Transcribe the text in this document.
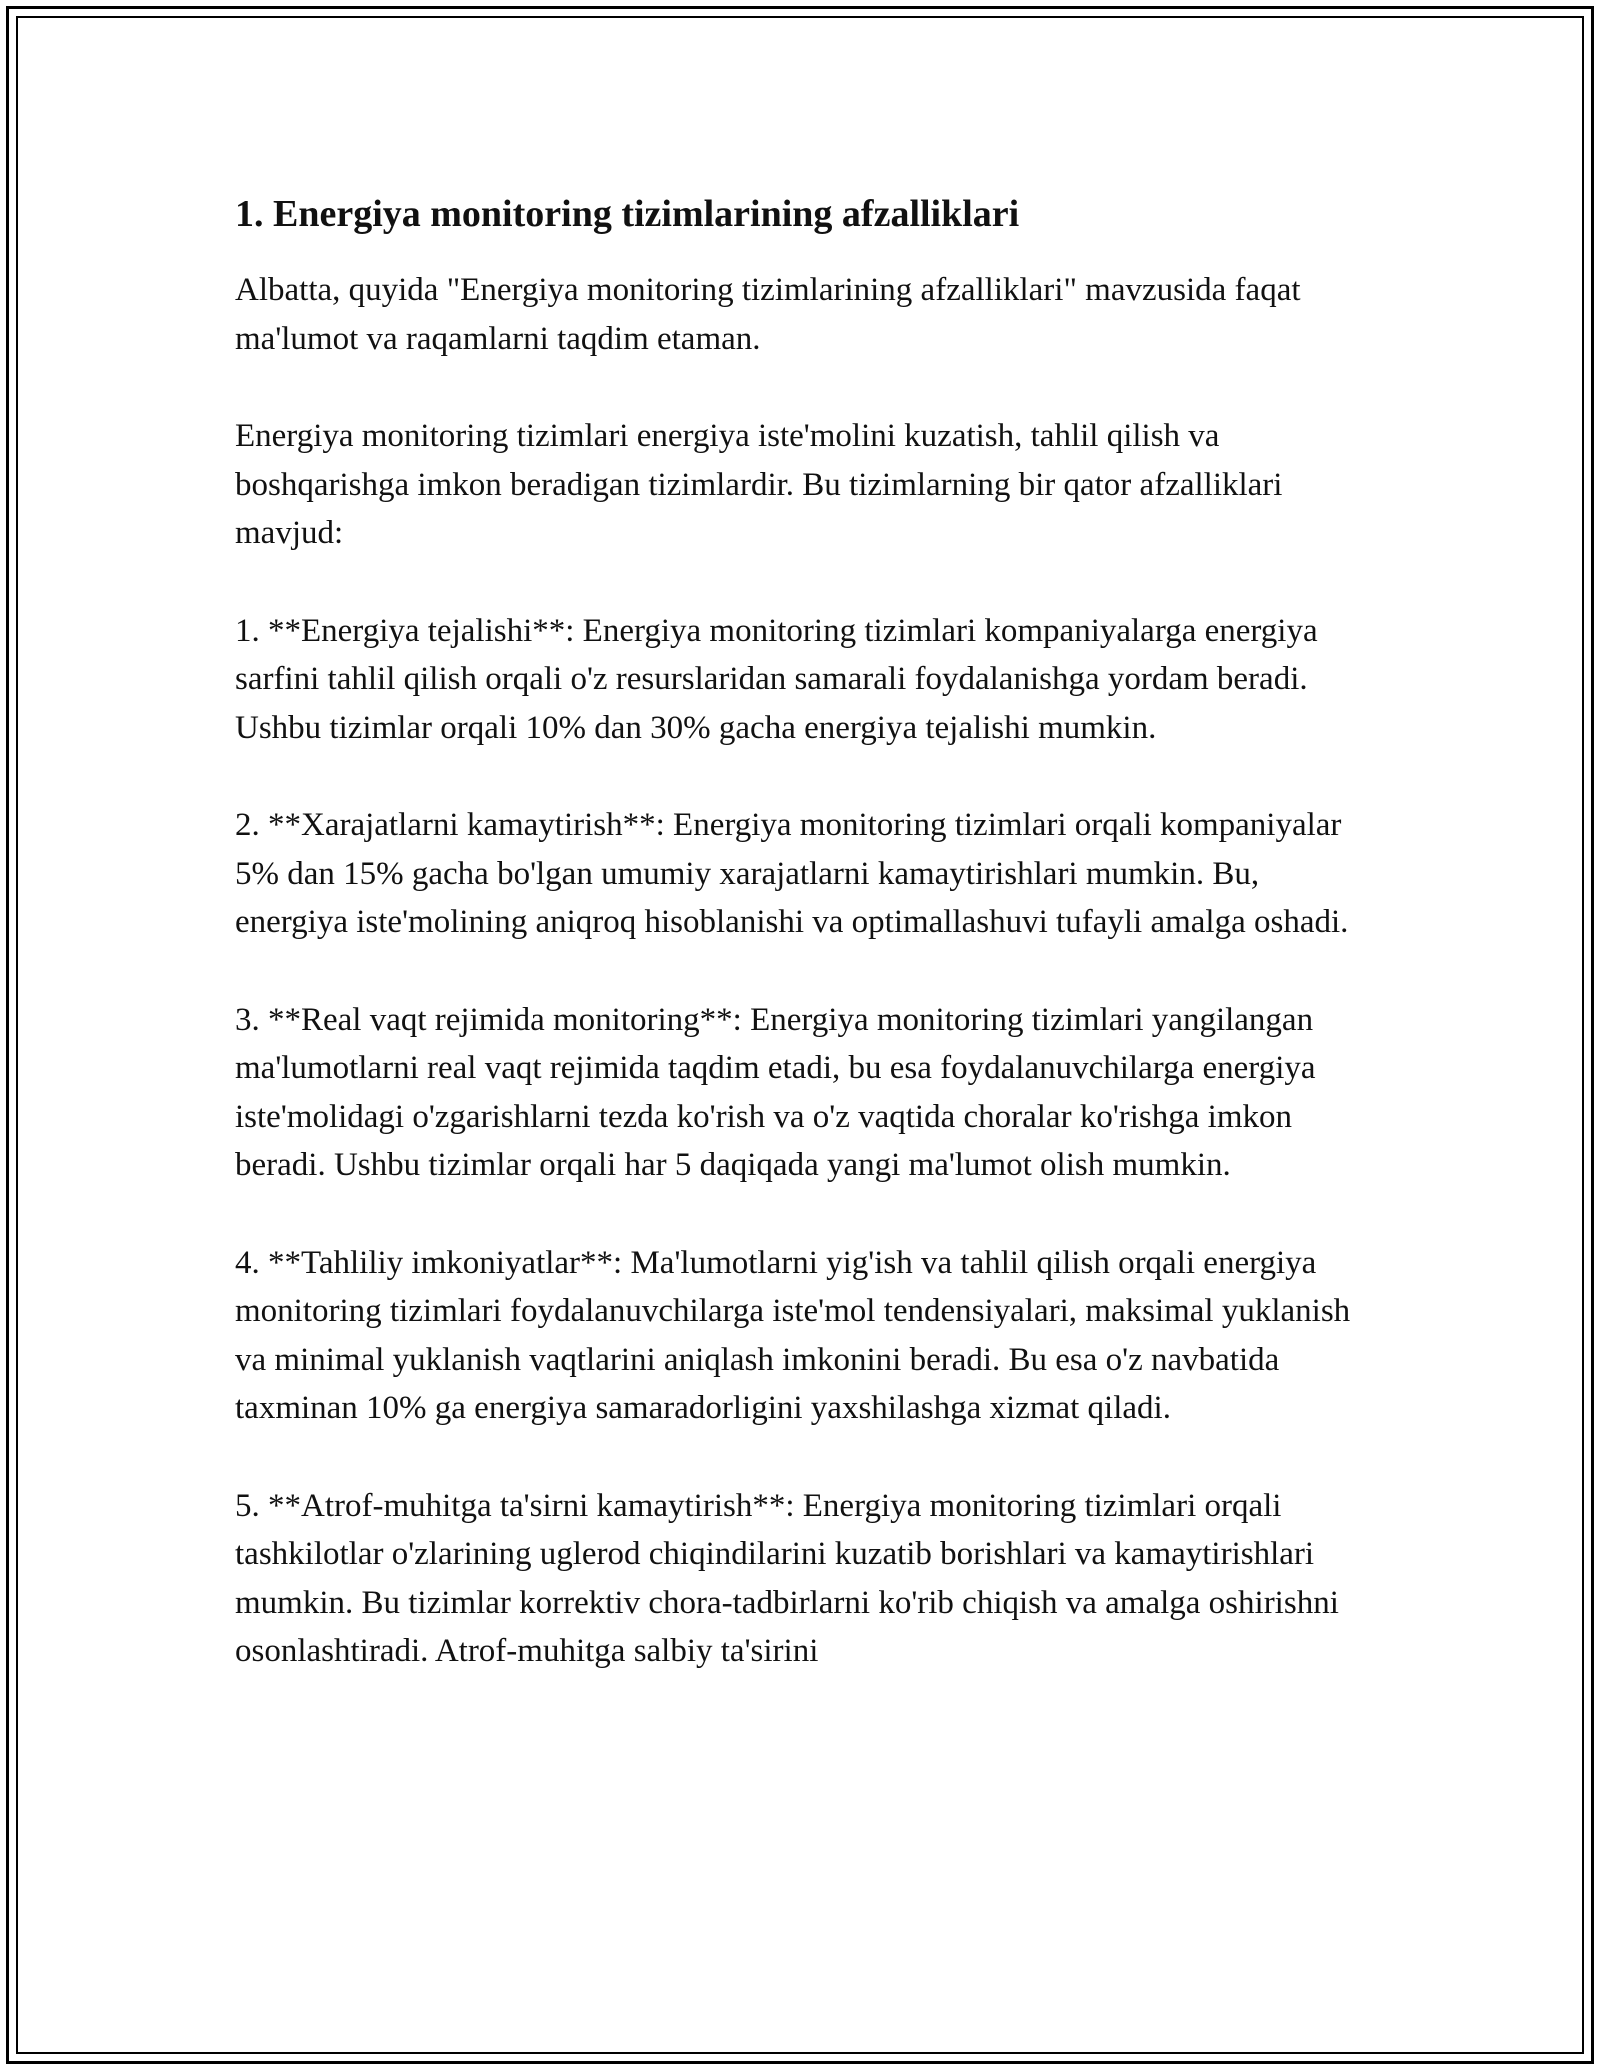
1. Energiya monitoring tizimlarining afzalliklari

Albatta, quyida "Energiya monitoring tizimlarining afzalliklari" mavzusida faqat ma'lumot va raqamlarni taqdim etaman.

Energiya monitoring tizimlari energiya iste'molini kuzatish, tahlil qilish va boshqarishga imkon beradigan tizimlardir. Bu tizimlarning bir qator afzalliklari mavjud:

1. **Energiya tejalishi**: Energiya monitoring tizimlari kompaniyalarga energiya sarfini tahlil qilish orqali o'z resurslaridan samarali foydalanishga yordam beradi. Ushbu tizimlar orqali 10% dan 30% gacha energiya tejalishi mumkin.

2. **Xarajatlarni kamaytirish**: Energiya monitoring tizimlari orqali kompaniyalar 5% dan 15% gacha bo'lgan umumiy xarajatlarni kamaytirishlari mumkin. Bu, energiya iste'molining aniqroq hisoblanishi va optimallashuvi tufayli amalga oshadi.

3. **Real vaqt rejimida monitoring**: Energiya monitoring tizimlari yangilangan ma'lumotlarni real vaqt rejimida taqdim etadi, bu esa foydalanuvchilarga energiya iste'molidagi o'zgarishlarni tezda ko'rish va o'z vaqtida choralar ko'rishga imkon beradi. Ushbu tizimlar orqali har 5 daqiqada yangi ma'lumot olish mumkin.

4. **Tahliliy imkoniyatlar**: Ma'lumotlarni yig'ish va tahlil qilish orqali energiya monitoring tizimlari foydalanuvchilarga iste'mol tendensiyalari, maksimal yuklanish va minimal yuklanish vaqtlarini aniqlash imkonini beradi. Bu esa o'z navbatida taxminan 10% ga energiya samaradorligini yaxshilashga xizmat qiladi.

5. **Atrof-muhitga ta'sirni kamaytirish**: Energiya monitoring tizimlari orqali tashkilotlar o'zlarining uglerod chiqindilarini kuzatib borishlari va kamaytirishlari mumkin. Bu tizimlar korrektiv chora-tadbirlarni ko'rib chiqish va amalga oshirishni osonlashtiradi. Atrof-muhitga salbiy ta'sirini
